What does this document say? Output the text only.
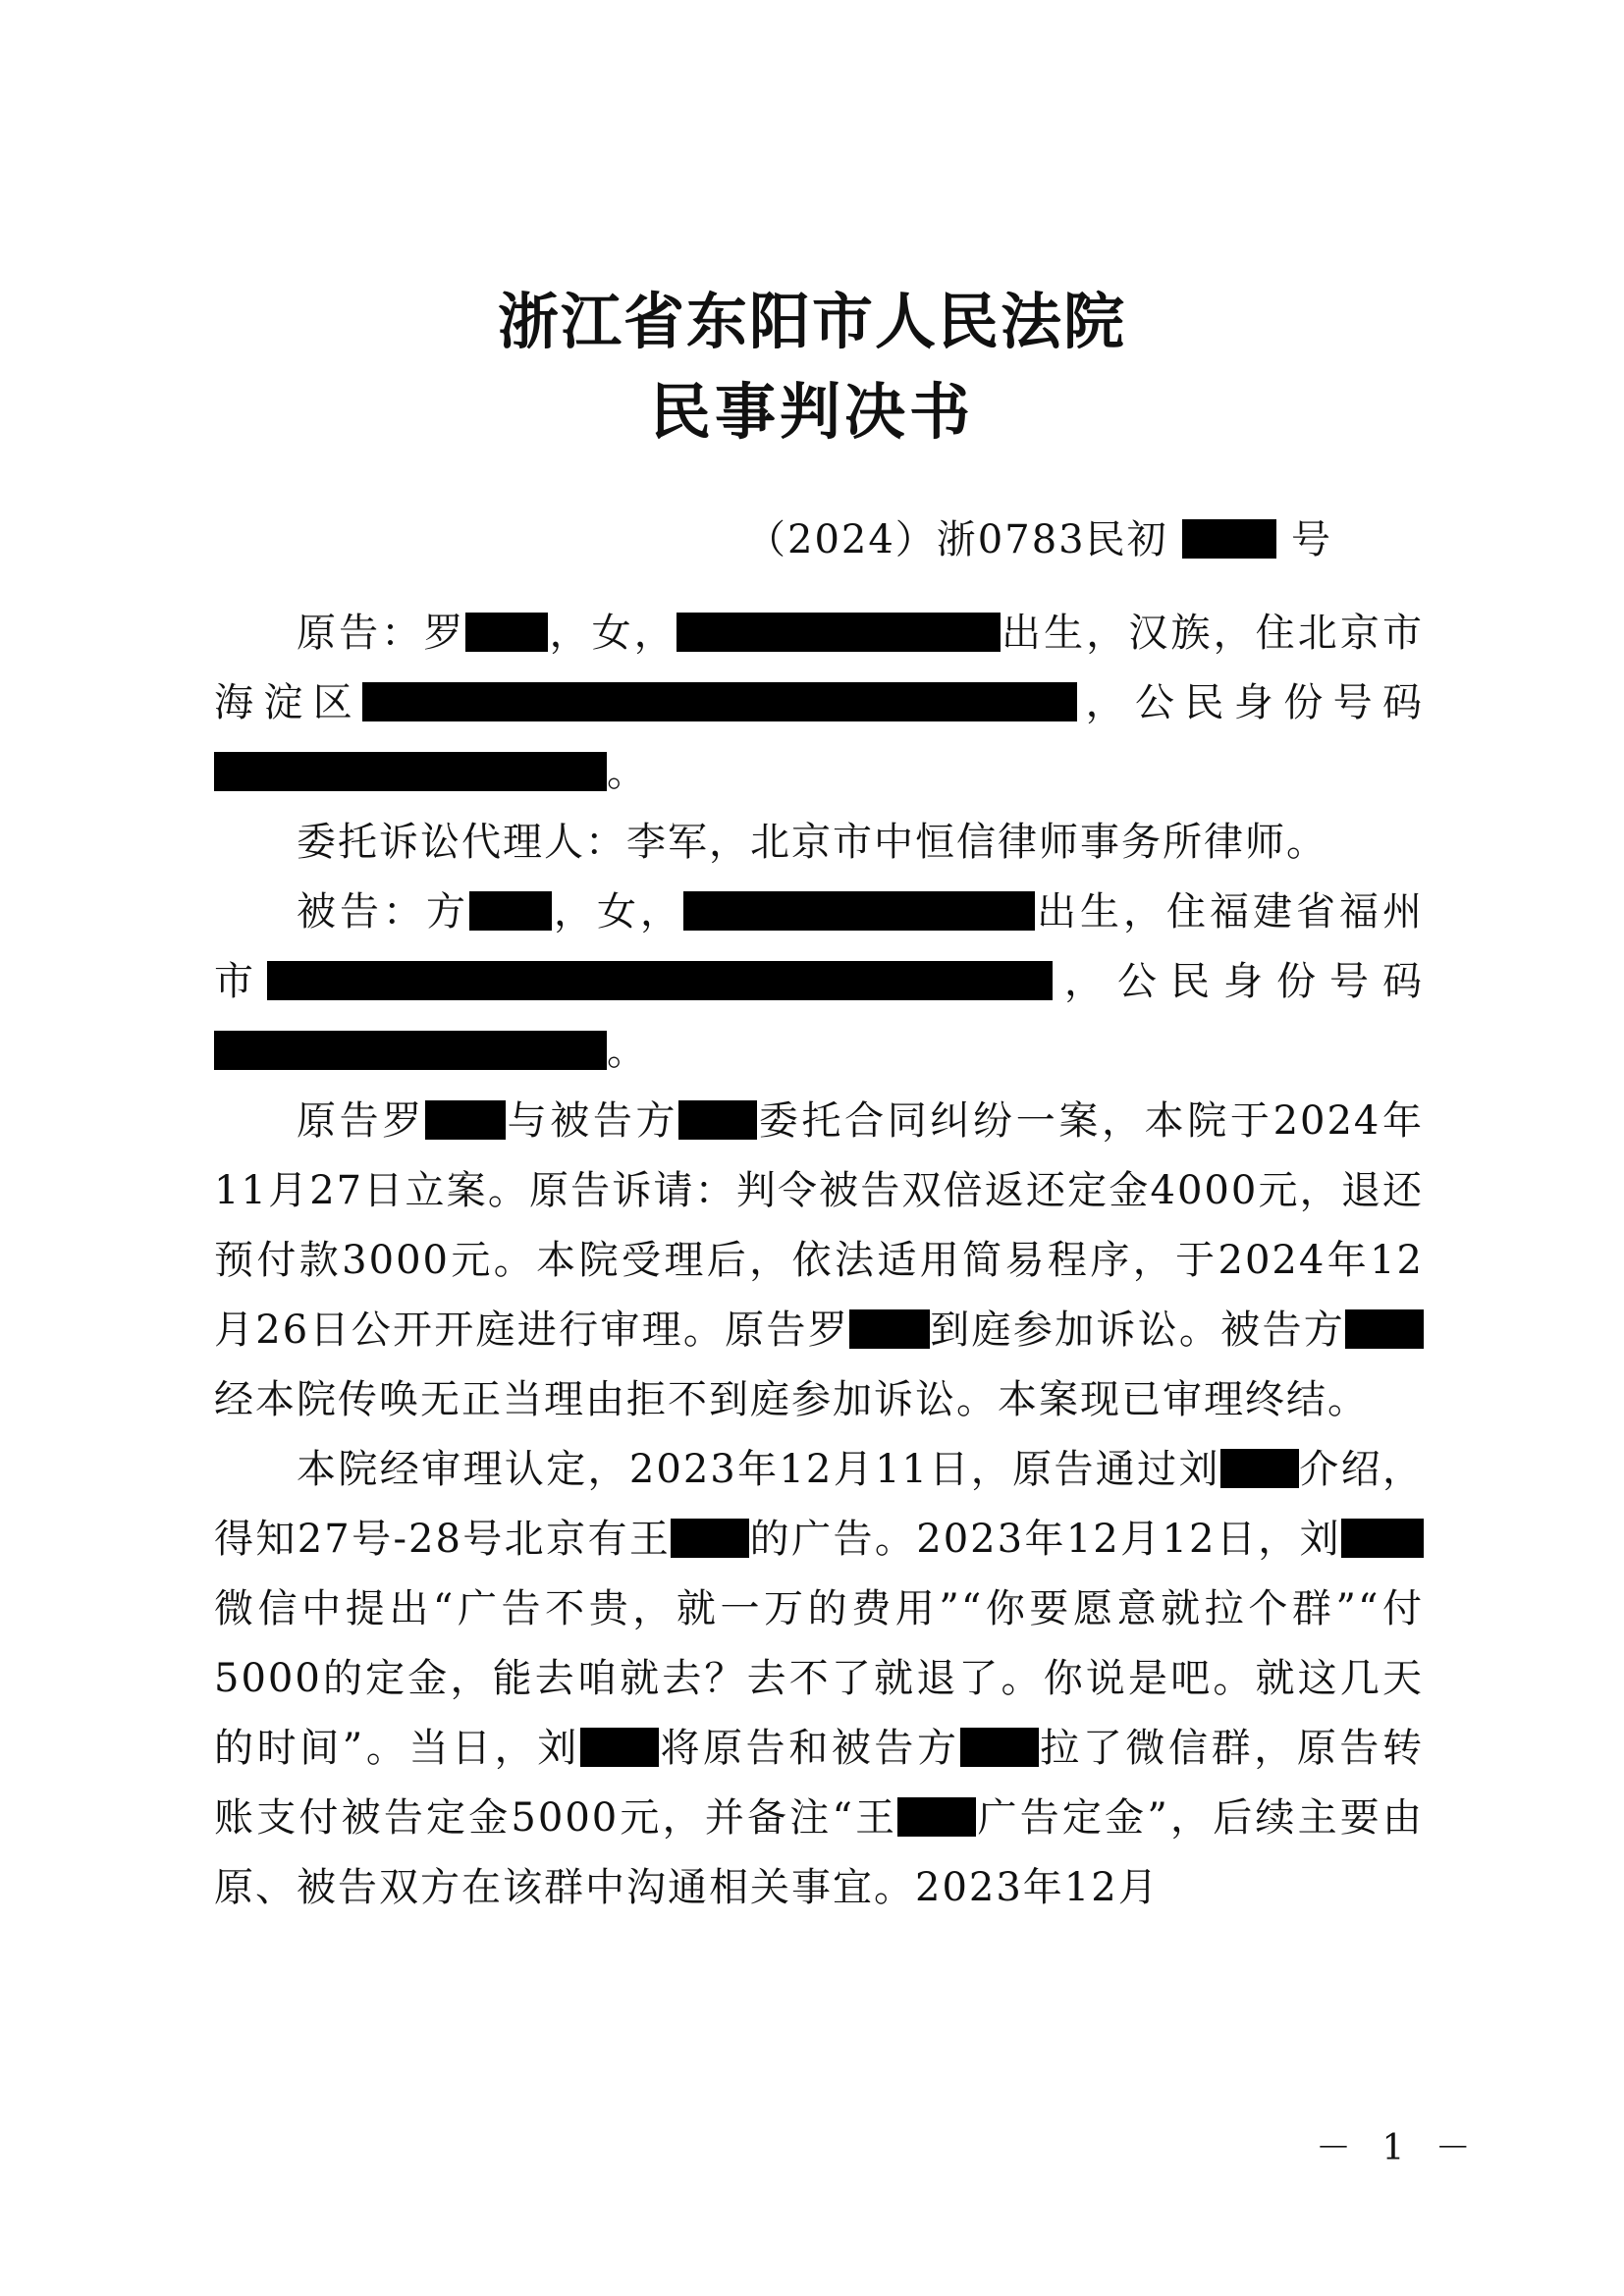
浙江省东阳市人民法院
民事判决书
（2024）浙0783民初	号

原告：罗 ，女，	出生，汉族，住北京市海淀区	，公民身份号码。

委托诉讼代理人：李军，北京市中恒信律师事务所律师。

被告：方 ，女，	出生，住福建省福州市	，公民身份号码。

原告罗 与被告方 委托合同纠纷一案，本院于2024年11月27日立案。原告诉请：判令被告双倍返还定金4000元，退还预付款3000元。本院受理后，依法适用简易程序，于2024年12月26日公开开庭进行审理。原告罗 到庭参加诉讼。被告方经本院传唤无正当理由拒不到庭参加诉讼。本案现已审理终结。

本院经审理认定，2023年12月11日，原告通过刘 介绍，得知27号-28号北京有王 的广告。2023年12月12日，刘微信中提出“广告不贵，就一万的费用”“你要愿意就拉个群”“付5000的定金，能去咱就去？去不了就退了。你说是吧。就这几天的时间”。当日，刘 将原告和被告方 拉了微信群，原告转账支付被告定金5000元，并备注“王 广告定金”，后续主要由原、被告双方在该群中沟通相关事宜。2023年12月

－ 1 －
